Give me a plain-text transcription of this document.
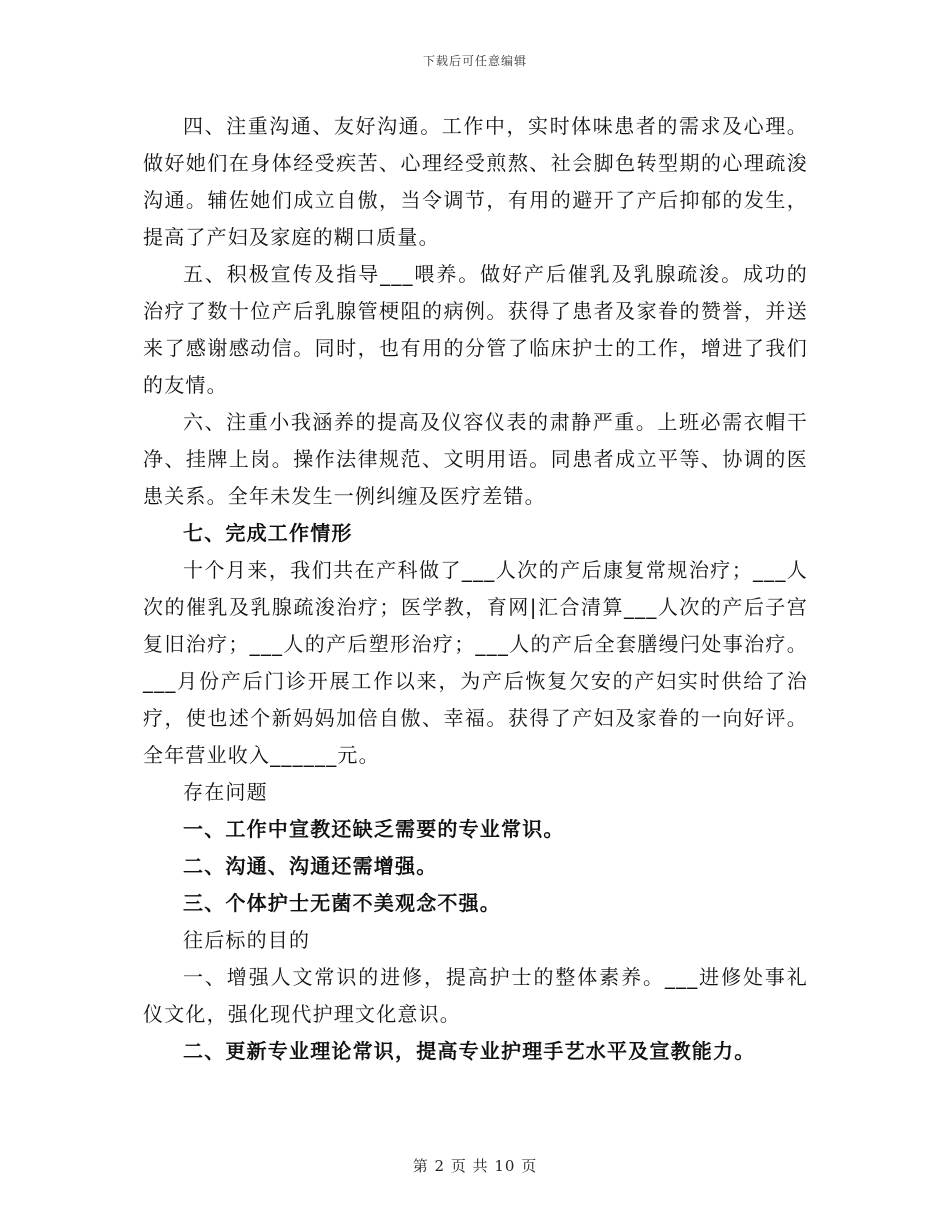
下载后可任意编辑

四、注重沟通、友好沟通。工作中，实时体味患者的需求及心理。做好她们在身体经受疾苦、心理经受煎熬、社会脚色转型期的心理疏浚沟通。辅佐她们成立自傲，当令调节，有用的避开了产后抑郁的发生，提高了产妇及家庭的糊口质量。

五、积极宣传及指导___喂养。做好产后催乳及乳腺疏浚。成功的治疗了数十位产后乳腺管梗阻的病例。获得了患者及家眷的赞誉，并送来了感谢感动信。同时，也有用的分管了临床护士的工作，增进了我们的友情。

六、注重小我涵养的提高及仪容仪表的肃静严重。上班必需衣帽干净、挂牌上岗。操作法律规范、文明用语。同患者成立平等、协调的医患关系。全年未发生一例纠缠及医疗差错。

七、完成工作情形

十个月来，我们共在产科做了___人次的产后康复常规治疗；___人次的催乳及乳腺疏浚治疗；医学教，育网|汇合清算___人次的产后子宫复旧治疗；___人的产后塑形治疗；___人的产后全套膳缦闩处事治疗。___月份产后门诊开展工作以来，为产后恢复欠安的产妇实时供给了治疗，使也述个新妈妈加倍自傲、幸福。获得了产妇及家眷的一向好评。全年营业收入______元。

存在问题

一、工作中宣教还缺乏需要的专业常识。

二、沟通、沟通还需增强。

三、个体护士无菌不美观念不强。

往后标的目的

一、增强人文常识的进修，提高护士的整体素养。___进修处事礼仪文化，强化现代护理文化意识。

二、更新专业理论常识，提高专业护理手艺水平及宣教能力。

第 2 页 共 10 页
